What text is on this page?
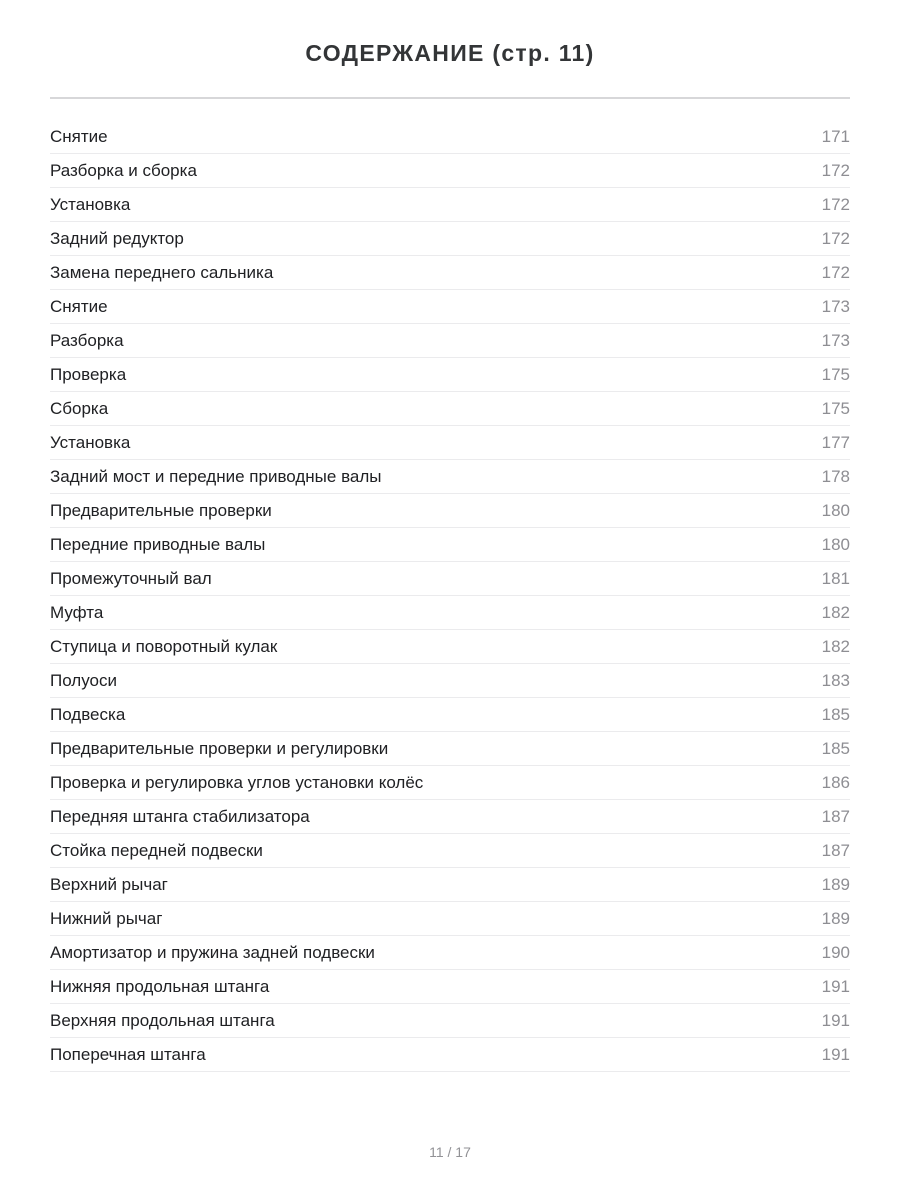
СОДЕРЖАНИЕ (стр. 11)
Снятие	171
Разборка и сборка	172
Установка	172
Задний редуктор	172
Замена переднего сальника	172
Снятие	173
Разборка	173
Проверка	175
Сборка	175
Установка	177
Задний мост и передние приводные валы	178
Предварительные проверки	180
Передние приводные валы	180
Промежуточный вал	181
Муфта	182
Ступица и поворотный кулак	182
Полуоси	183
Подвеска	185
Предварительные проверки и регулировки	185
Проверка и регулировка углов установки колёс	186
Передняя штанга стабилизатора	187
Стойка передней подвески	187
Верхний рычаг	189
Нижний рычаг	189
Амортизатор и пружина задней подвески	190
Нижняя продольная штанга	191
Верхняя продольная штанга	191
Поперечная штанга	191
11 / 17
